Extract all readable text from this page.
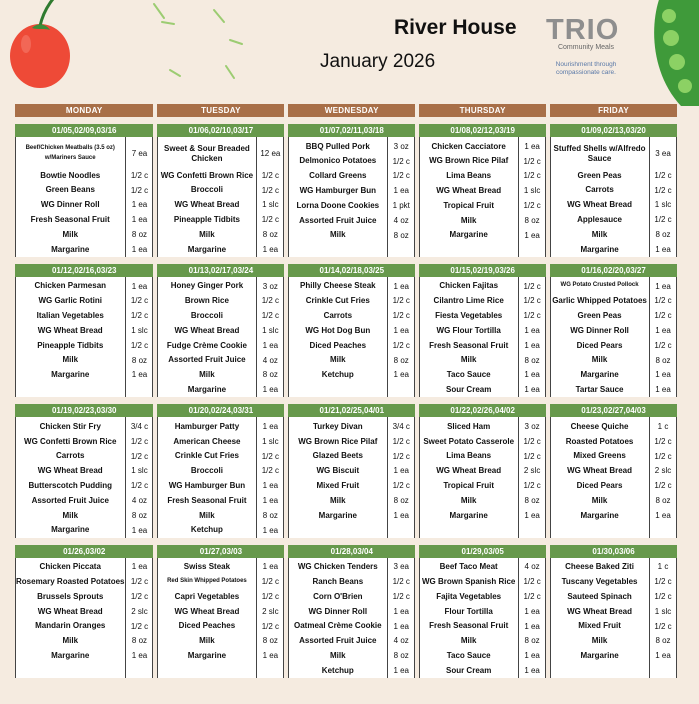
River House
January 2026
TRIO
Community Meals
Nourishment through compassionate care.
MONDAY	TUESDAY	WEDNESDAY	THURSDAY	FRIDAY
01/05,02/09,03/16
Beef/Chicken Meatballs (3.5 oz) w/Mariners Sauce	7 ea
Bowtie Noodles	1/2 c
Green Beans	1/2 c
WG Dinner Roll	1 ea
Fresh Seasonal Fruit	1 ea
Milk	8 oz
Margarine	1 ea
01/06,02/10,03/17
Sweet & Sour Breaded Chicken	12 ea
WG Confetti Brown Rice	1/2 c
Broccoli	1/2 c
WG Wheat Bread	1 slc
Pineapple Tidbits	1/2 c
Milk	8 oz
Margarine	1 ea
01/07,02/11,03/18
BBQ Pulled Pork	3 oz
Delmonico Potatoes	1/2 c
Collard Greens	1/2 c
WG Hamburger Bun	1 ea
Lorna Doone Cookies	1 pkt
Assorted Fruit Juice	4 oz
Milk	8 oz
01/08,02/12,03/19
Chicken Cacciatore	1 ea
WG Brown Rice Pilaf	1/2 c
Lima Beans	1/2 c
WG Wheat Bread	1 slc
Tropical Fruit	1/2 c
Milk	8 oz
Margarine	1 ea
01/09,02/13,03/20
Stuffed Shells w/Alfredo Sauce	3 ea
Green Peas	1/2 c
Carrots	1/2 c
WG Wheat Bread	1 slc
Applesauce	1/2 c
Milk	8 oz
Margarine	1 ea
01/12,02/16,03/23
Chicken Parmesan	1 ea
WG Garlic Rotini	1/2 c
Italian Vegetables	1/2 c
WG Wheat Bread	1 slc
Pineapple Tidbits	1/2 c
Milk	8 oz
Margarine	1 ea
01/13,02/17,03/24
Honey Ginger Pork	3 oz
Brown Rice	1/2 c
Broccoli	1/2 c
WG Wheat Bread	1 slc
Fudge Crème Cookie	1 ea
Assorted Fruit Juice	4 oz
Milk	8 oz
Margarine	1 ea
01/14,02/18,03/25
Philly Cheese Steak	1 ea
Crinkle Cut Fries	1/2 c
Carrots	1/2 c
WG Hot Dog Bun	1 ea
Diced Peaches	1/2 c
Milk	8 oz
Ketchup	1 ea
01/15,02/19,03/26
Chicken Fajitas	1/2 c
Cilantro Lime Rice	1/2 c
Fiesta Vegetables	1/2 c
WG Flour Tortilla	1 ea
Fresh Seasonal Fruit	1 ea
Milk	8 oz
Taco Sauce	1 ea
Sour Cream	1 ea
01/16,02/20,03/27
WG Potato Crusted Pollock	1 ea
Garlic Whipped Potatoes 1/2 c
Green Peas	1/2 c
WG Dinner Roll	1 ea
Diced Pears	1/2 c
Milk	8 oz
Margarine	1 ea
Tartar Sauce	1 ea
01/19,02/23,03/30
Chicken Stir Fry	3/4 c
WG Confetti Brown Rice	1/2 c
Carrots	1/2 c
WG Wheat Bread	1 slc
Butterscotch Pudding	1/2 c
Assorted Fruit Juice	4 oz
Milk	8 oz
Margarine	1 ea
01/20,02/24,03/31
Hamburger Patty	1 ea
American Cheese	1 slc
Crinkle Cut Fries	1/2 c
Broccoli	1/2 c
WG Hamburger Bun	1 ea
Fresh Seasonal Fruit	1 ea
Milk	8 oz
Ketchup	1 ea
01/21,02/25,04/01
Turkey Divan	3/4 c
WG Brown Rice Pilaf	1/2 c
Glazed Beets	1/2 c
WG Biscuit	1 ea
Mixed Fruit	1/2 c
Milk	8 oz
Margarine	1 ea
01/22,02/26,04/02
Sliced Ham	3 oz
Sweet Potato Casserole	1/2 c
Lima Beans	1/2 c
WG Wheat Bread	2 slc
Tropical Fruit	1/2 c
Milk	8 oz
Margarine	1 ea
01/23,02/27,04/03
Cheese Quiche	1 c
Roasted Potatoes	1/2 c
Mixed Greens	1/2 c
WG Wheat Bread	2 slc
Diced Pears	1/2 c
Milk	8 oz
Margarine	1 ea
01/26,03/02
Chicken Piccata	1 ea
Rosemary Roasted Potatoes 1/2 c
Brussels Sprouts	1/2 c
WG Wheat Bread	2 slc
Mandarin Oranges	1/2 c
Milk	8 oz
Margarine	1 ea
01/27,03/03
Swiss Steak	1 ea
Red Skin Whipped Potatoes	1/2 c
Capri Vegetables	1/2 c
WG Wheat Bread	2 slc
Diced Peaches	1/2 c
Milk	8 oz
Margarine	1 ea
01/28,03/04
WG Chicken Tenders	3 ea
Ranch Beans	1/2 c
Corn O'Brien	1/2 c
WG Dinner Roll	1 ea
Oatmeal Crème Cookie	1 ea
Assorted Fruit Juice	4 oz
Milk	8 oz
Ketchup	1 ea
01/29,03/05
Beef Taco Meat	4 oz
WG Brown Spanish Rice	1/2 c
Fajita Vegetables	1/2 c
Flour Tortilla	1 ea
Fresh Seasonal Fruit	1 ea
Milk	8 oz
Taco Sauce	1 ea
Sour Cream	1 ea
01/30,03/06
Cheese Baked Ziti	1 c
Tuscany Vegetables	1/2 c
Sauteed Spinach	1/2 c
WG Wheat Bread	1 slc
Mixed Fruit	1/2 c
Milk	8 oz
Margarine	1 ea
